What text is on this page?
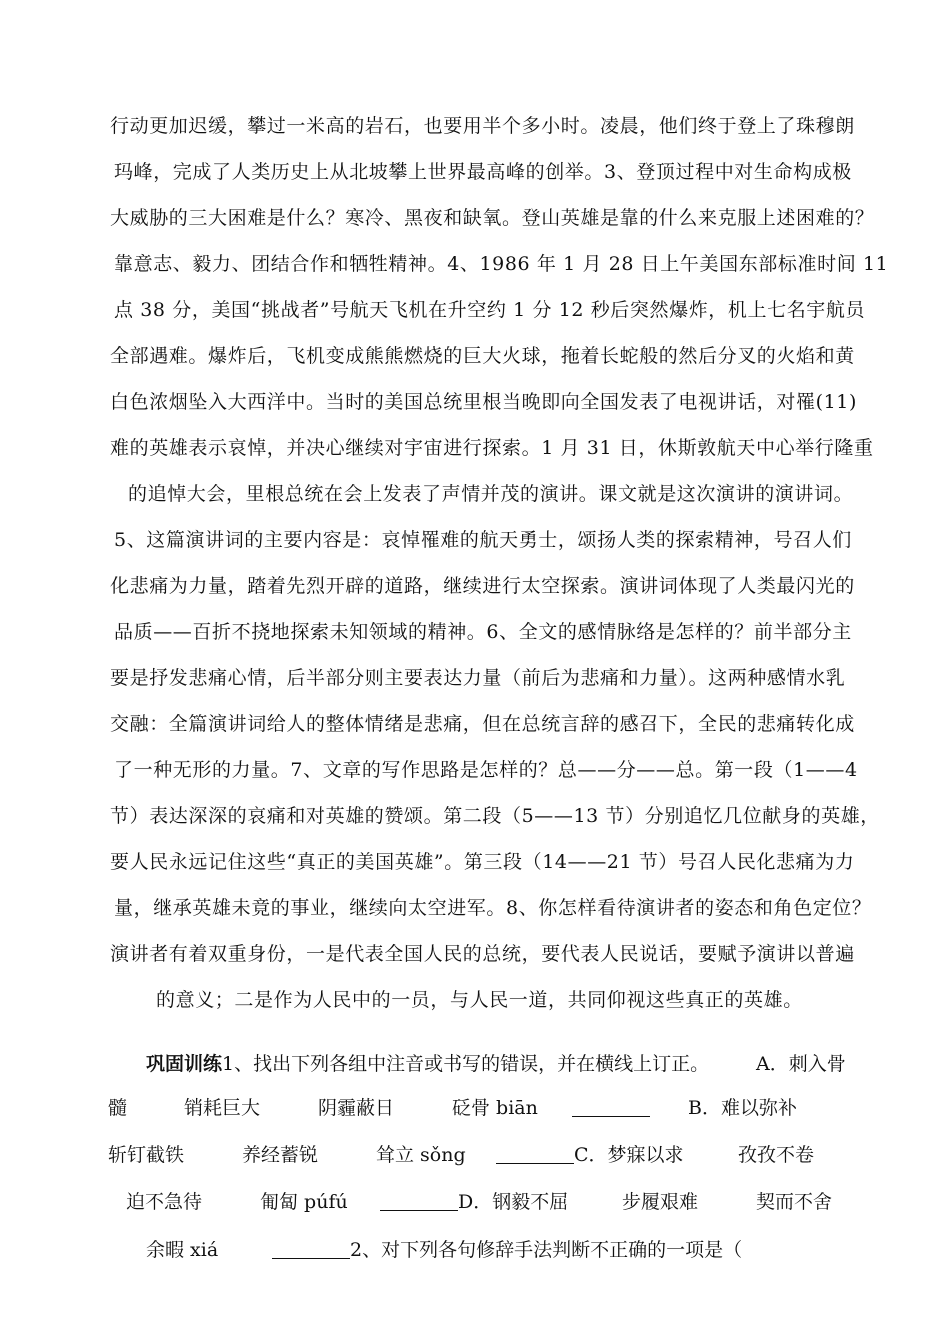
行动更加迟缓，攀过一米高的岩石，也要用半个多小时。凌晨，他们终于登上了珠穆朗
玛峰，完成了人类历史上从北坡攀上世界最高峰的创举。3、登顶过程中对生命构成极
大威胁的三大困难是什么？寒冷、黑夜和缺氧。登山英雄是靠的什么来克服上述困难的？
靠意志、毅力、团结合作和牺牲精神。4、1986 年 1 月 28 日上午美国东部标准时间 11
点 38 分，美国“挑战者”号航天飞机在升空约 1 分 12 秒后突然爆炸，机上七名宇航员
全部遇难。爆炸后，飞机变成熊熊燃烧的巨大火球，拖着长蛇般的然后分叉的火焰和黄
白色浓烟坠入大西洋中。当时的美国总统里根当晚即向全国发表了电视讲话，对罹(11)
难的英雄表示哀悼，并决心继续对宇宙进行探索。1 月 31 日，休斯敦航天中心举行隆重
的追悼大会，里根总统在会上发表了声情并茂的演讲。课文就是这次演讲的演讲词。
5、这篇演讲词的主要内容是：哀悼罹难的航天勇士，颂扬人类的探索精神，号召人们
化悲痛为力量，踏着先烈开辟的道路，继续进行太空探索。演讲词体现了人类最闪光的
品质——百折不挠地探索未知领域的精神。6、全文的感情脉络是怎样的？前半部分主
要是抒发悲痛心情，后半部分则主要表达力量（前后为悲痛和力量）。这两种感情水乳
交融：全篇演讲词给人的整体情绪是悲痛，但在总统言辞的感召下，全民的悲痛转化成
了一种无形的力量。7、文章的写作思路是怎样的？总——分——总。第一段（1——4
节）表达深深的哀痛和对英雄的赞颂。第二段（5——13 节）分别追忆几位献身的英雄，
要人民永远记住这些“真正的美国英雄”。第三段（14——21 节）号召人民化悲痛为力
量，继承英雄未竟的事业，继续向太空进军。8、你怎样看待演讲者的姿态和角色定位？
演讲者有着双重身份，一是代表全国人民的总统，要代表人民说话，要赋予演讲以普遍
的意义；二是作为人民中的一员，与人民一道，共同仰视这些真正的英雄。
巩固训练 1、找出下列各组中注音或书写的错误，并在横线上订正。 A．刺入骨
髓	销耗巨大	阴霾蔽日	砭骨 biān	B．难以弥补
斩钉截铁	养经蓄锐	耸立 sǒng	C．梦寐以求	孜孜不卷
迫不急待	匍匐 púfú	D．钢毅不屈	步履艰难	契而不舍
余暇 xiá	2、对下列各句修辞手法判断不正确的一项是（
